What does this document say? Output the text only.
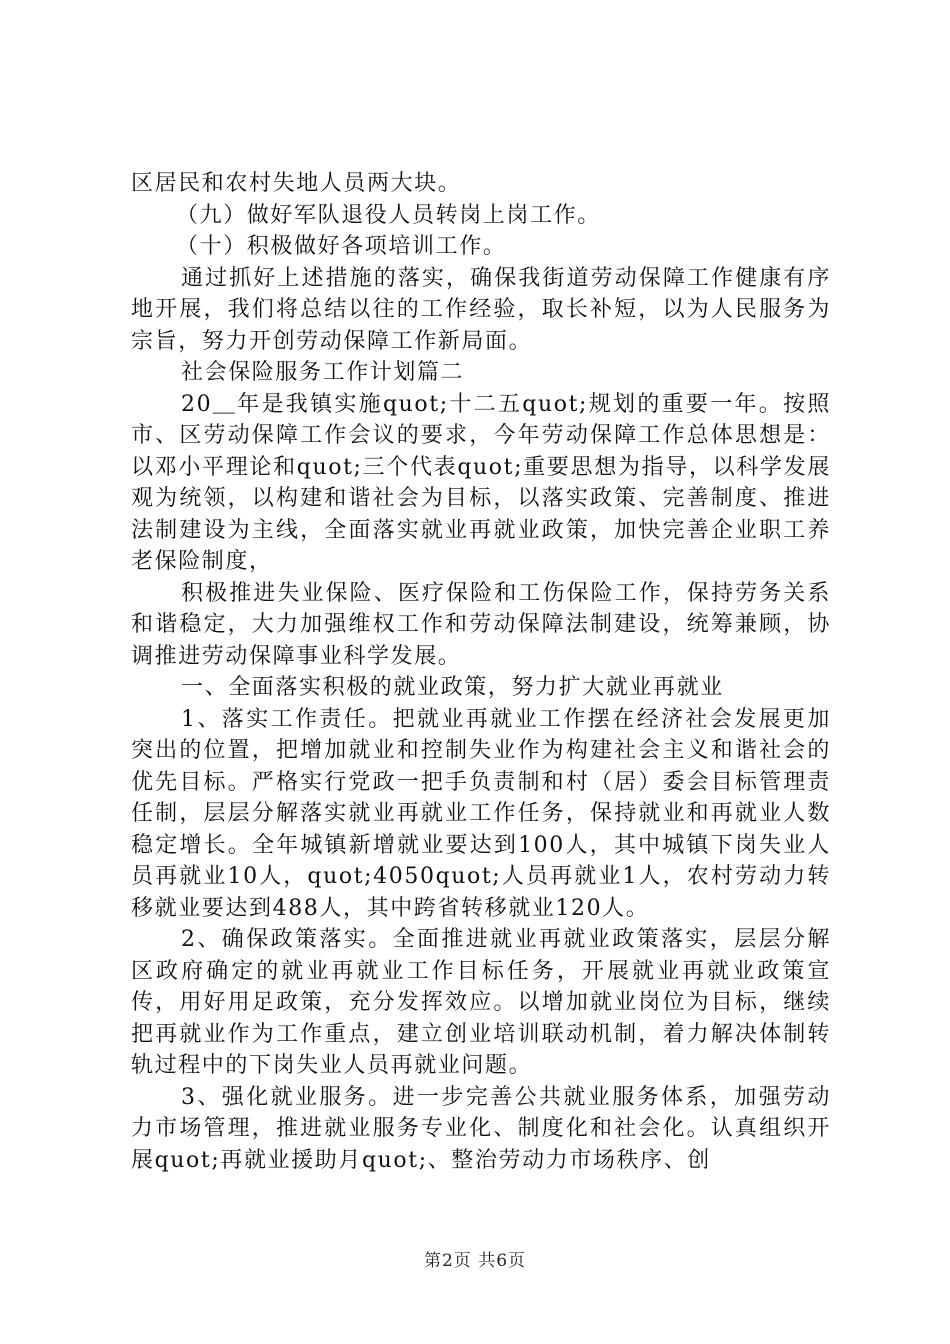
区居民和农村失地人员两大块。

（九）做好军队退役人员转岗上岗工作。

（十）积极做好各项培训工作。

通过抓好上述措施的落实，确保我街道劳动保障工作健康有序地开展，我们将总结以往的工作经验，取长补短，以为人民服务为宗旨，努力开创劳动保障工作新局面。

社会保险服务工作计划篇二

20＿年是我镇实施quot;十二五quot;规划的重要一年。按照市、区劳动保障工作会议的要求，今年劳动保障工作总体思想是：以邓小平理论和quot;三个代表quot;重要思想为指导，以科学发展观为统领，以构建和谐社会为目标，以落实政策、完善制度、推进法制建设为主线，全面落实就业再就业政策，加快完善企业职工养老保险制度，

积极推进失业保险、医疗保险和工伤保险工作，保持劳务关系和谐稳定，大力加强维权工作和劳动保障法制建设，统筹兼顾，协调推进劳动保障事业科学发展。

一、全面落实积极的就业政策，努力扩大就业再就业

1、落实工作责任。把就业再就业工作摆在经济社会发展更加突出的位置，把增加就业和控制失业作为构建社会主义和谐社会的优先目标。严格实行党政一把手负责制和村（居）委会目标管理责任制，层层分解落实就业再就业工作任务，保持就业和再就业人数稳定增长。全年城镇新增就业要达到100人，其中城镇下岗失业人员再就业10人，quot;4050quot;人员再就业1人，农村劳动力转移就业要达到488人，其中跨省转移就业120人。

2、确保政策落实。全面推进就业再就业政策落实，层层分解区政府确定的就业再就业工作目标任务，开展就业再就业政策宣传，用好用足政策，充分发挥效应。以增加就业岗位为目标，继续把再就业作为工作重点，建立创业培训联动机制，着力解决体制转轨过程中的下岗失业人员再就业问题。

3、强化就业服务。进一步完善公共就业服务体系，加强劳动力市场管理，推进就业服务专业化、制度化和社会化。认真组织开展quot;再就业援助月quot;、整治劳动力市场秩序、创

第2页 共6页
